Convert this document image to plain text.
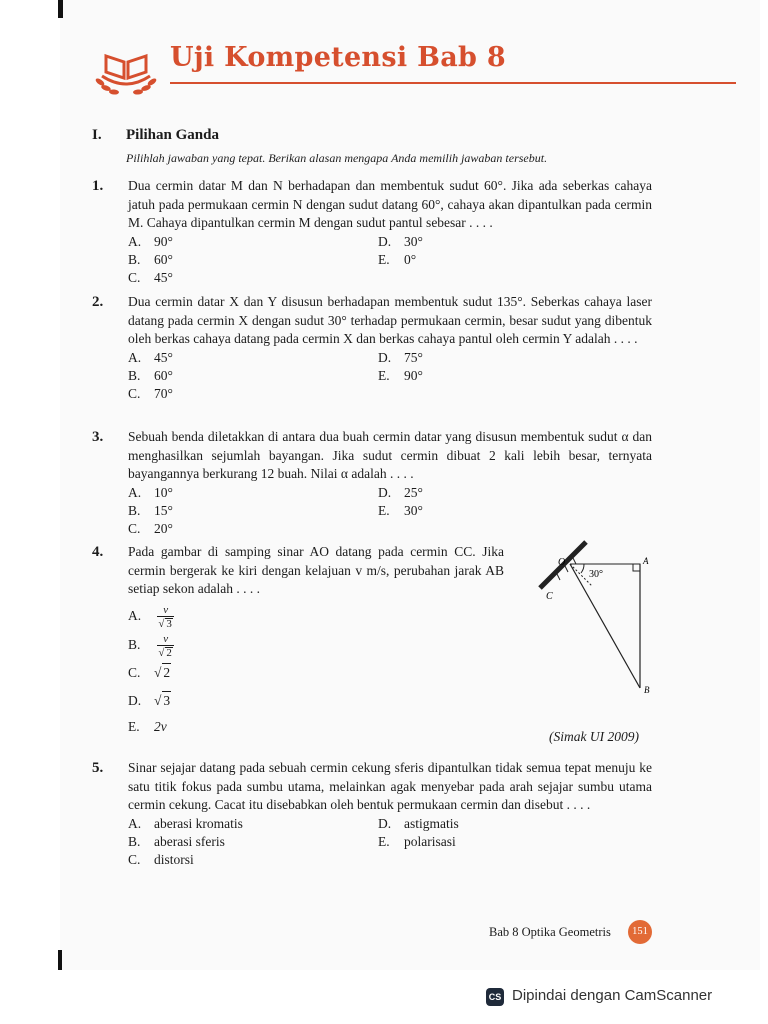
Uji Kompetensi Bab 8
I. Pilihan Ganda
Pilihlah jawaban yang tepat. Berikan alasan mengapa Anda memilih jawaban tersebut.
1. Dua cermin datar M dan N berhadapan dan membentuk sudut 60°. Jika ada seberkas cahaya jatuh pada permukaan cermin N dengan sudut datang 60°, cahaya akan dipantulkan pada cermin M. Cahaya dipantulkan cermin M dengan sudut pantul sebesar . . . .
A. 90°
B. 60°
C. 45°
D. 30°
E. 0°
2. Dua cermin datar X dan Y disusun berhadapan membentuk sudut 135°. Seberkas cahaya laser datang pada cermin X dengan sudut 30° terhadap permukaan cermin, besar sudut yang dibentuk oleh berkas cahaya datang pada cermin X dan berkas cahaya pantul oleh cermin Y adalah . . . .
A. 45°
B. 60°
C. 70°
D. 75°
E. 90°
3. Sebuah benda diletakkan di antara dua buah cermin datar yang disusun membentuk sudut α dan menghasilkan sejumlah bayangan. Jika sudut cermin dibuat 2 kali lebih besar, ternyata bayangannya berkurang 12 buah. Nilai α adalah . . . .
A. 10°
B. 15°
C. 20°
D. 25°
E. 30°
4. Pada gambar di samping sinar AO datang pada cermin CC. Jika cermin bergerak ke kiri dengan kelajuan v m/s, perubahan jarak AB setiap sekon adalah . . . .
A. $\frac{v}{√ 3}$
B. $\frac{v}{√ 2}$
C. √ 2
D. √ 3
E. 2v
O	A
C
B
30°
(Simak UI 2009)
5. Sinar sejajar datang pada sebuah cermin cekung sferis dipantulkan tidak semua tepat menuju ke satu titik fokus pada sumbu utama, melainkan agak menyebar pada arah sejajar sumbu utama cermin cekung. Cacat itu disebabkan oleh bentuk permukaan cermin dan disebut . . . .
A. aberasi kromatis
B. aberasi sferis
C. distorsi
D. astigmatis
E. polarisasi
Bab 8 Optika Geometris	151
CS Dipindai dengan CamScanner
